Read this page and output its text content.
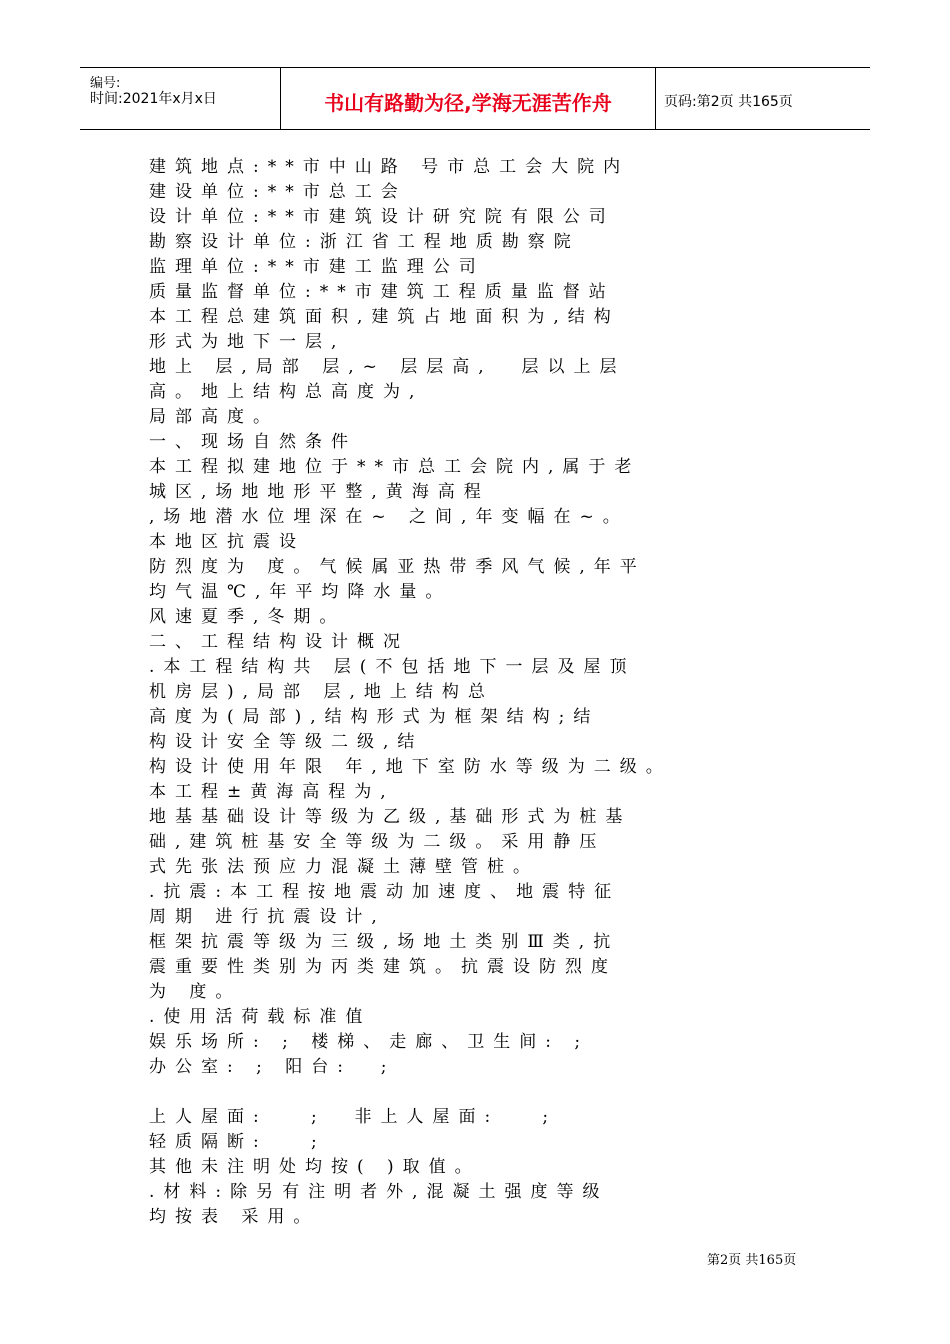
编号:
时间:2021年x月x日	书山有路勤为径,学海无涯苦作舟	页码:第2页 共165页
建筑地点:**市中山路 号市总工会大院内
建设单位:**市总工会
设计单位:**市建筑设计研究院有限公司
勘察设计单位:浙江省工程地质勘察院
监理单位:**市建工监理公司
质量监督单位:**市建筑工程质量监督站
本工程总建筑面积,建筑占地面积为,结构
形式为地下一层,
地上 层,局部 层,~ 层层高,  层以上层
高。地上结构总高度为,
局部高度。
一、现场自然条件
本工程拟建地位于**市总工会院内,属于老
城区,场地地形平整,黄海高程
,场地潜水位埋深在~ 之间,年变幅在~。
本地区抗震设
防烈度为 度。气候属亚热带季风气候,年平
均气温℃,年平均降水量。
风速夏季,冬期。
二、工程结构设计概况
.本工程结构共 层(不包括地下一层及屋顶
机房层),局部 层,地上结构总
高度为(局部),结构形式为框架结构;结
构设计安全等级二级,结
构设计使用年限 年,地下室防水等级为二级。
本工程±黄海高程为,
地基基础设计等级为乙级,基础形式为桩基
础,建筑桩基安全等级为二级。采用静压
式先张法预应力混凝土薄壁管桩。
.抗震:本工程按地震动加速度、地震特征
周期 进行抗震设计,
框架抗震等级为三级,场地土类别Ⅲ类,抗
震重要性类别为丙类建筑。抗震设防烈度
为 度。
.使用活荷载标准值
娱乐场所: ; 楼梯、走廊、卫生间: ;
办公室: ; 阳台:  ;
上人屋面:   ;  非上人屋面:   ;
轻质隔断:   ;
其他未注明处均按( )取值。
.材料:除另有注明者外,混凝土强度等级
均按表 采用。
第2页 共165页
